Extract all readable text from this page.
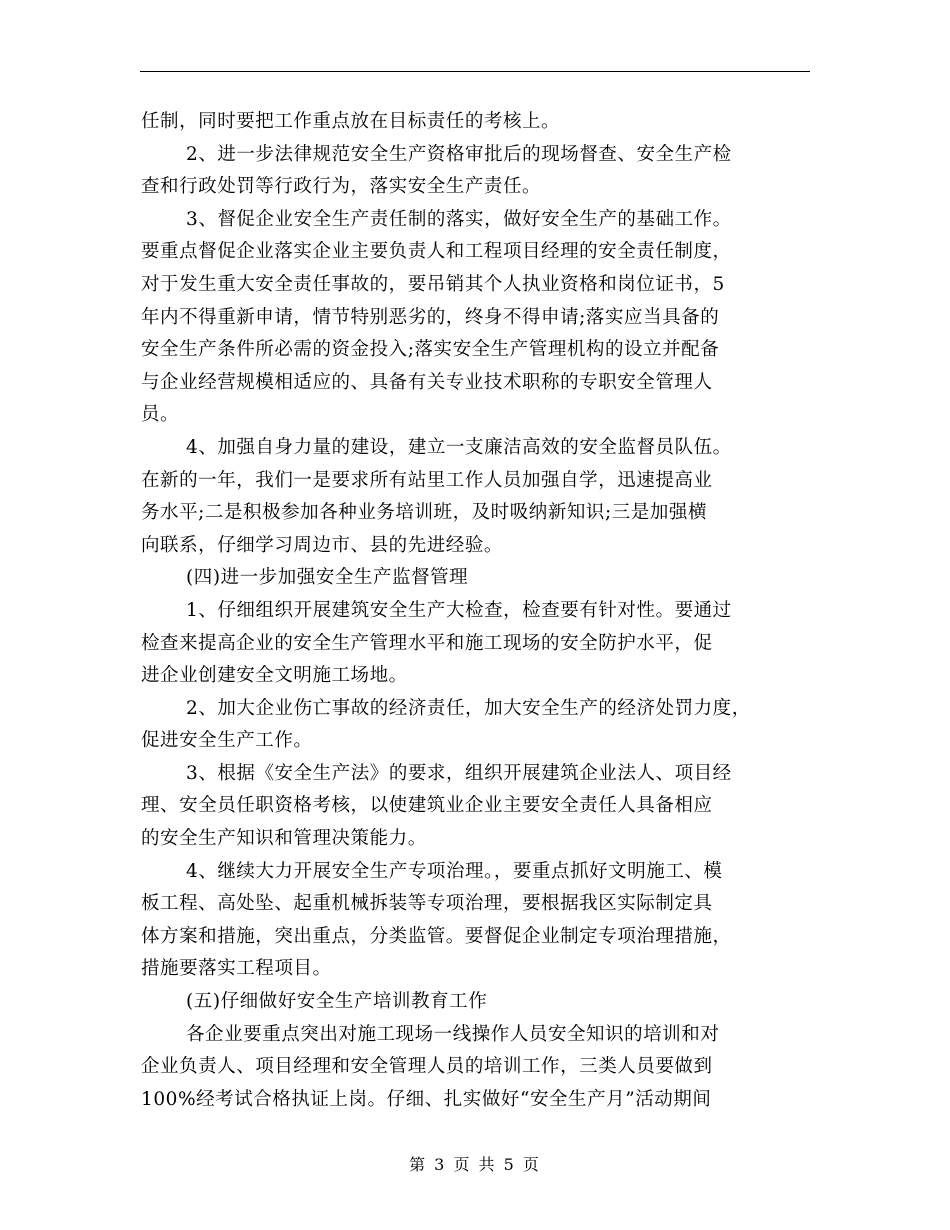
任制，同时要把工作重点放在目标责任的考核上。
2、进一步法律规范安全生产资格审批后的现场督查、安全生产检
查和行政处罚等行政行为，落实安全生产责任。
3、督促企业安全生产责任制的落实，做好安全生产的基础工作。
要重点督促企业落实企业主要负责人和工程项目经理的安全责任制度，
对于发生重大安全责任事故的，要吊销其个人执业资格和岗位证书，5
年内不得重新申请，情节特别恶劣的，终身不得申请;落实应当具备的
安全生产条件所必需的资金投入;落实安全生产管理机构的设立并配备
与企业经营规模相适应的、具备有关专业技术职称的专职安全管理人
员。
4、加强自身力量的建设，建立一支廉洁高效的安全监督员队伍。
在新的一年，我们一是要求所有站里工作人员加强自学，迅速提高业
务水平;二是积极参加各种业务培训班，及时吸纳新知识;三是加强横
向联系，仔细学习周边市、县的先进经验。
(四)进一步加强安全生产监督管理
1、仔细组织开展建筑安全生产大检查，检查要有针对性。要通过
检查来提高企业的安全生产管理水平和施工现场的安全防护水平，促
进企业创建安全文明施工场地。
2、加大企业伤亡事故的经济责任，加大安全生产的经济处罚力度，
促进安全生产工作。
3、根据《安全生产法》的要求，组织开展建筑企业法人、项目经
理、安全员任职资格考核，以使建筑业企业主要安全责任人具备相应
的安全生产知识和管理决策能力。
4、继续大力开展安全生产专项治理。，要重点抓好文明施工、模
板工程、高处坠、起重机械拆装等专项治理，要根据我区实际制定具
体方案和措施，突出重点，分类监管。要督促企业制定专项治理措施，
措施要落实工程项目。
(五)仔细做好安全生产培训教育工作
各企业要重点突出对施工现场一线操作人员安全知识的培训和对
企业负责人、项目经理和安全管理人员的培训工作，三类人员要做到
100%经考试合格执证上岗。仔细、扎实做好“安全生产月”活动期间
第 3 页 共 5 页
